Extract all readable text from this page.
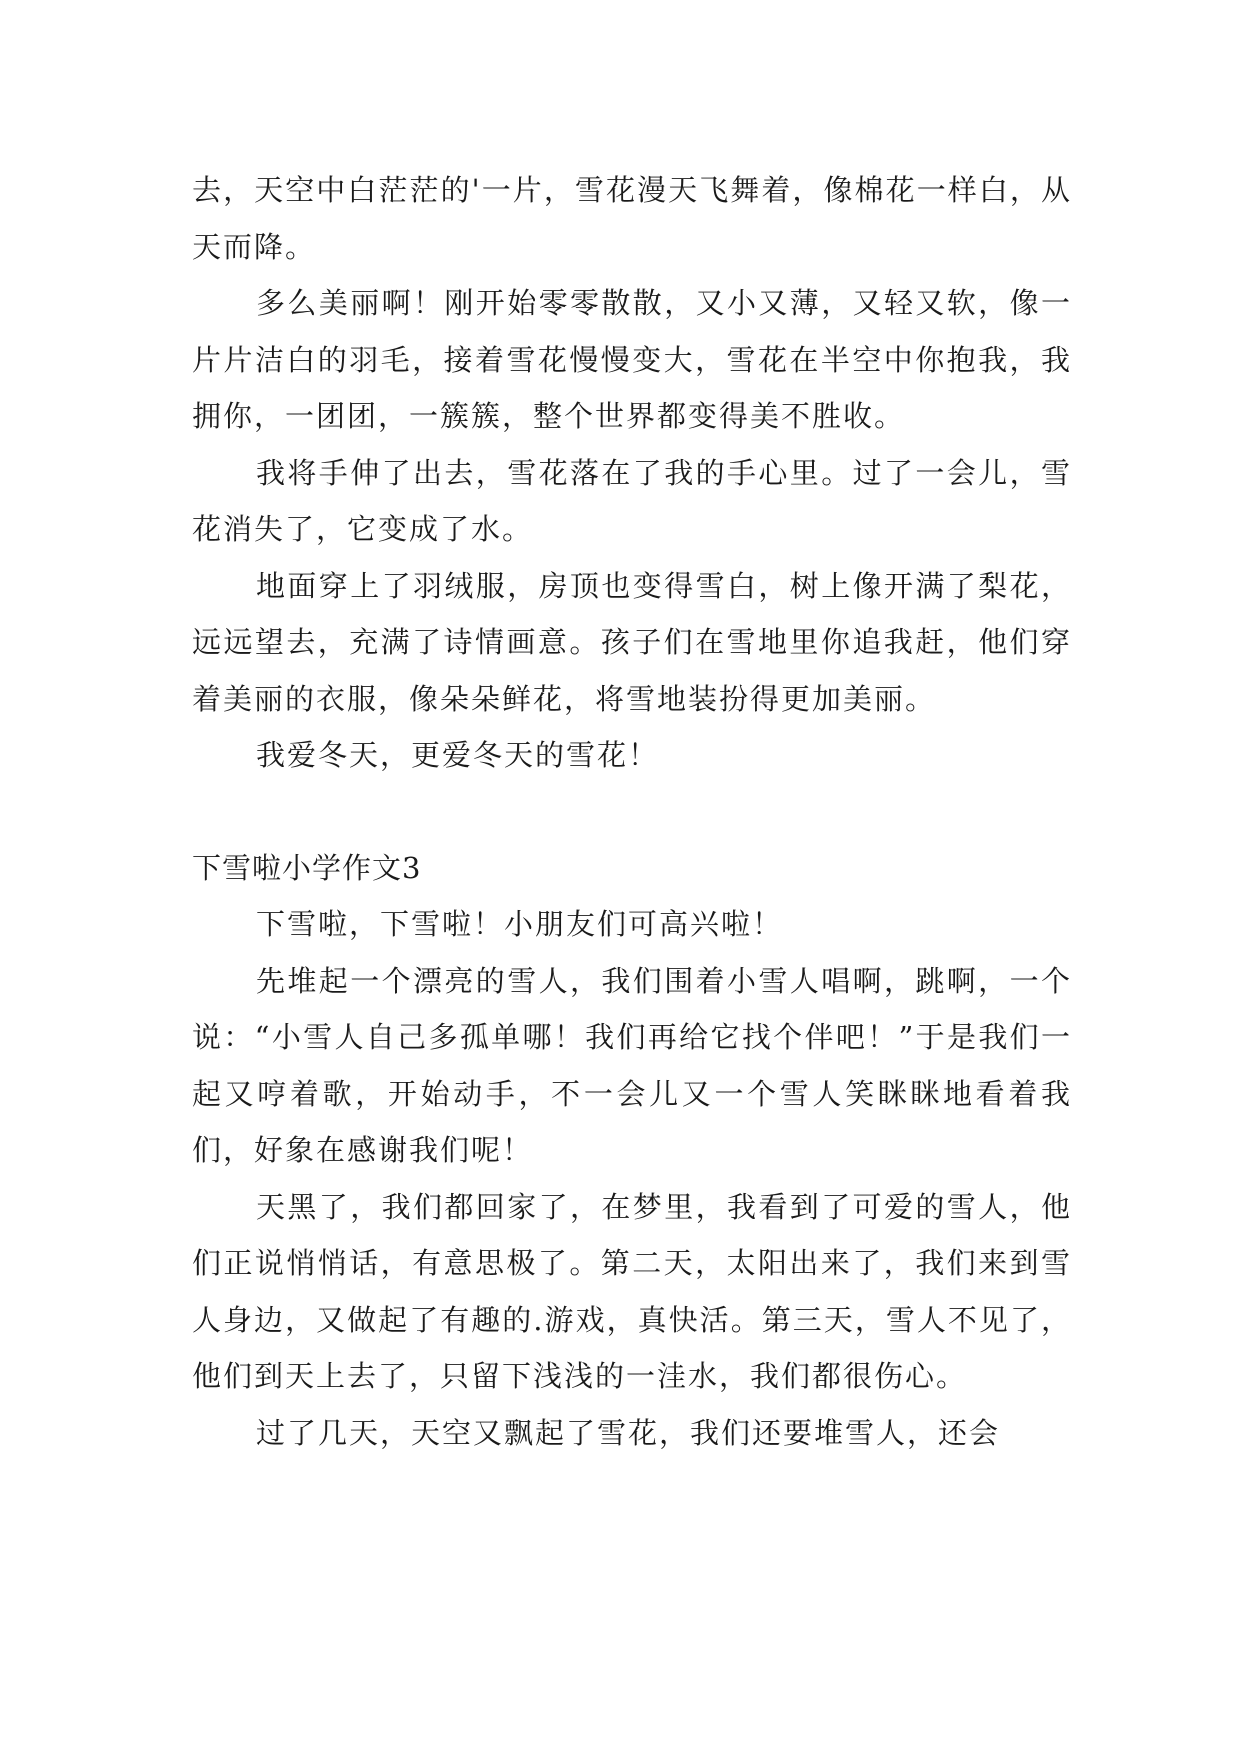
去，天空中白茫茫的'一片，雪花漫天飞舞着，像棉花一样白，从天而降。

多么美丽啊！刚开始零零散散，又小又薄，又轻又软，像一片片洁白的羽毛，接着雪花慢慢变大，雪花在半空中你抱我，我拥你，一团团，一簇簇，整个世界都变得美不胜收。

我将手伸了出去，雪花落在了我的手心里。过了一会儿，雪花消失了，它变成了水。

地面穿上了羽绒服，房顶也变得雪白，树上像开满了梨花，远远望去，充满了诗情画意。孩子们在雪地里你追我赶，他们穿着美丽的衣服，像朵朵鲜花，将雪地装扮得更加美丽。

我爱冬天，更爱冬天的雪花！

下雪啦小学作文3

下雪啦，下雪啦！小朋友们可高兴啦！

先堆起一个漂亮的雪人，我们围着小雪人唱啊，跳啊，一个说：“小雪人自己多孤单哪！我们再给它找个伴吧！”于是我们一起又哼着歌，开始动手，不一会儿又一个雪人笑眯眯地看着我们，好象在感谢我们呢！

天黑了，我们都回家了，在梦里，我看到了可爱的雪人，他们正说悄悄话，有意思极了。第二天，太阳出来了，我们来到雪人身边，又做起了有趣的.游戏，真快活。第三天，雪人不见了，他们到天上去了，只留下浅浅的一洼水，我们都很伤心。

过了几天，天空又飘起了雪花，我们还要堆雪人，还会
